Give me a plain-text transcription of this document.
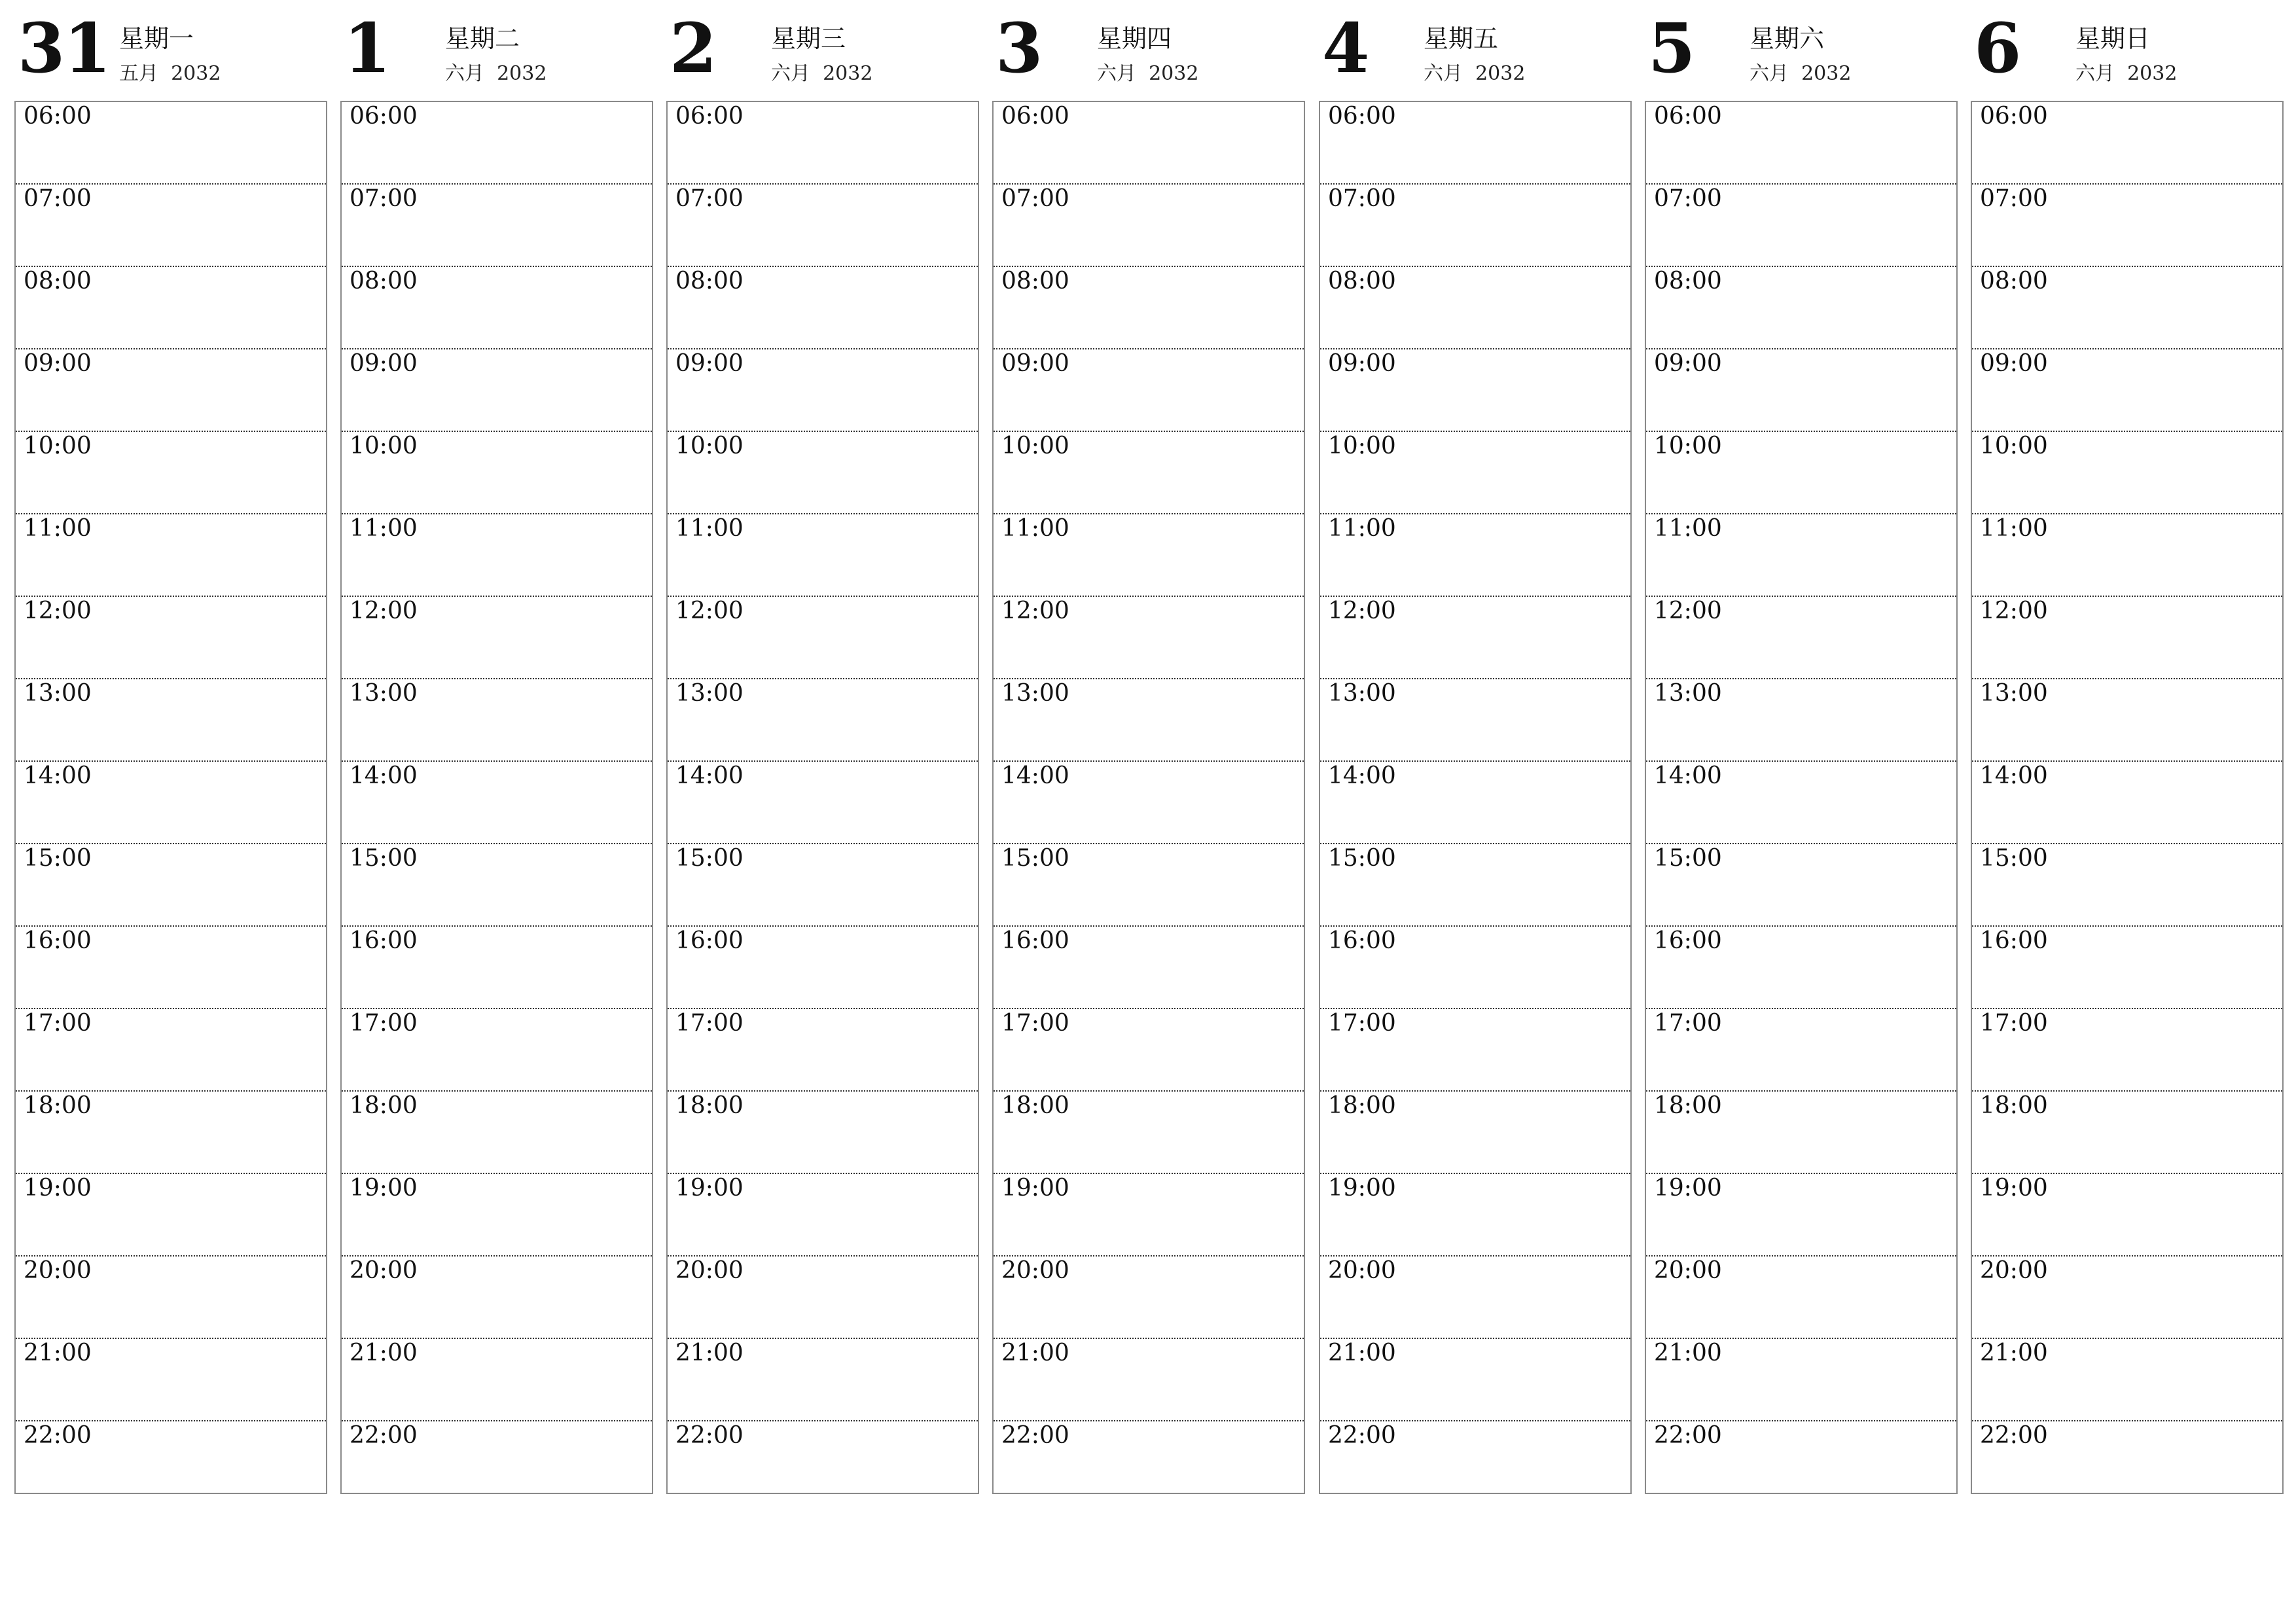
31 星期一
五月 2032
06:00
07:00
08:00
09:00
10:00
11:00
12:00
13:00
14:00
15:00
16:00
17:00
18:00
19:00
20:00
21:00
22:00
1 星期二
六月 2032
06:00
07:00
08:00
09:00
10:00
11:00
12:00
13:00
14:00
15:00
16:00
17:00
18:00
19:00
20:00
21:00
22:00
2 星期三
六月 2032
06:00
07:00
08:00
09:00
10:00
11:00
12:00
13:00
14:00
15:00
16:00
17:00
18:00
19:00
20:00
21:00
22:00
3 星期四
六月 2032
06:00
07:00
08:00
09:00
10:00
11:00
12:00
13:00
14:00
15:00
16:00
17:00
18:00
19:00
20:00
21:00
22:00
4 星期五
六月 2032
06:00
07:00
08:00
09:00
10:00
11:00
12:00
13:00
14:00
15:00
16:00
17:00
18:00
19:00
20:00
21:00
22:00
5 星期六
六月 2032
06:00
07:00
08:00
09:00
10:00
11:00
12:00
13:00
14:00
15:00
16:00
17:00
18:00
19:00
20:00
21:00
22:00
6 星期日
六月 2032
06:00
07:00
08:00
09:00
10:00
11:00
12:00
13:00
14:00
15:00
16:00
17:00
18:00
19:00
20:00
21:00
22:00
